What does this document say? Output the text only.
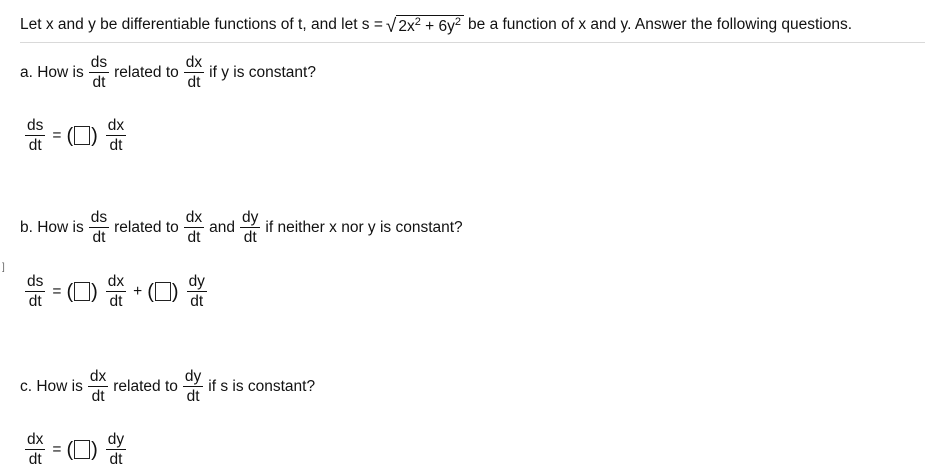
Let x and y be differentiable functions of t, and let s = √ $2x^2 + 6y^2$ be a function of x and y. Answer the following questions.
a. How is $\frac{ds}{dt}$ related to $\frac{dx}{dt}$ if y is constant?
$\frac{ds}{dt}$ = ( ) $\frac{dx}{dt}$
b. How is $\frac{ds}{dt}$ related to $\frac{dx}{dt}$ and $\frac{dy}{dt}$ if neither x nor y is constant?
]
$\frac{ds}{dt}$ = ( ) $\frac{dx}{dt}$ + ( ) $\frac{dy}{dt}$
c. How is $\frac{dx}{dt}$ related to $\frac{dy}{dt}$ if s is constant?
$\frac{dx}{dt}$ = ( ) $\frac{dy}{dt}$
